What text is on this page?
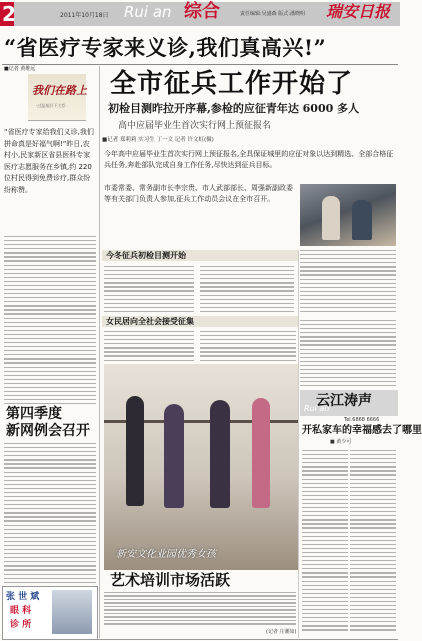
2	2011年10月18日 Rui an 综合	责任编辑:吴盛森 版式:潘晓明 瑞安日报
“省医疗专家来义诊,我们真高兴!”
■记者 黄维远
我们在路上
·过温基层下大型·
“省医疗专家给我们义诊,我们拼命真是好福气啊!”昨日,农村小,民家新区省县医科专家医疗志愿服务在乡镇,约 220 位村民得到免费诊疗,群众纷纷称赞。
第四季度
新网例会召开
张 世 斌
眼 科
诊 所
全市征兵工作开始了
初检目测昨拉开序幕,参检的应征青年达 6000 多人
高中应届毕业生首次实行网上预征报名
■记者 郑莉莉 实习生 丁一文 记者 许文虹(摄)
今年高中应届毕业生首次实行网上预征报名,全具保证城里的应征对象以达到精选、全部合格征兵任务,奔赴部队完成自身工作任务,尽快达到征兵目标。
市委常委、常务副市长李宗贵、市人武部部长、周强新副政委等有关部门负责人参加,征兵工作动员会议在全市召开。
今冬征兵初检目测开始
女民居向全社会接受征集
新安文化业园优秀女孩
艺术培训市场活跃
(记者 庄潮如)
云江涛声
Rui an
Tel.6868 6666
开私家车的幸福感去了哪里
■ 黄少可
